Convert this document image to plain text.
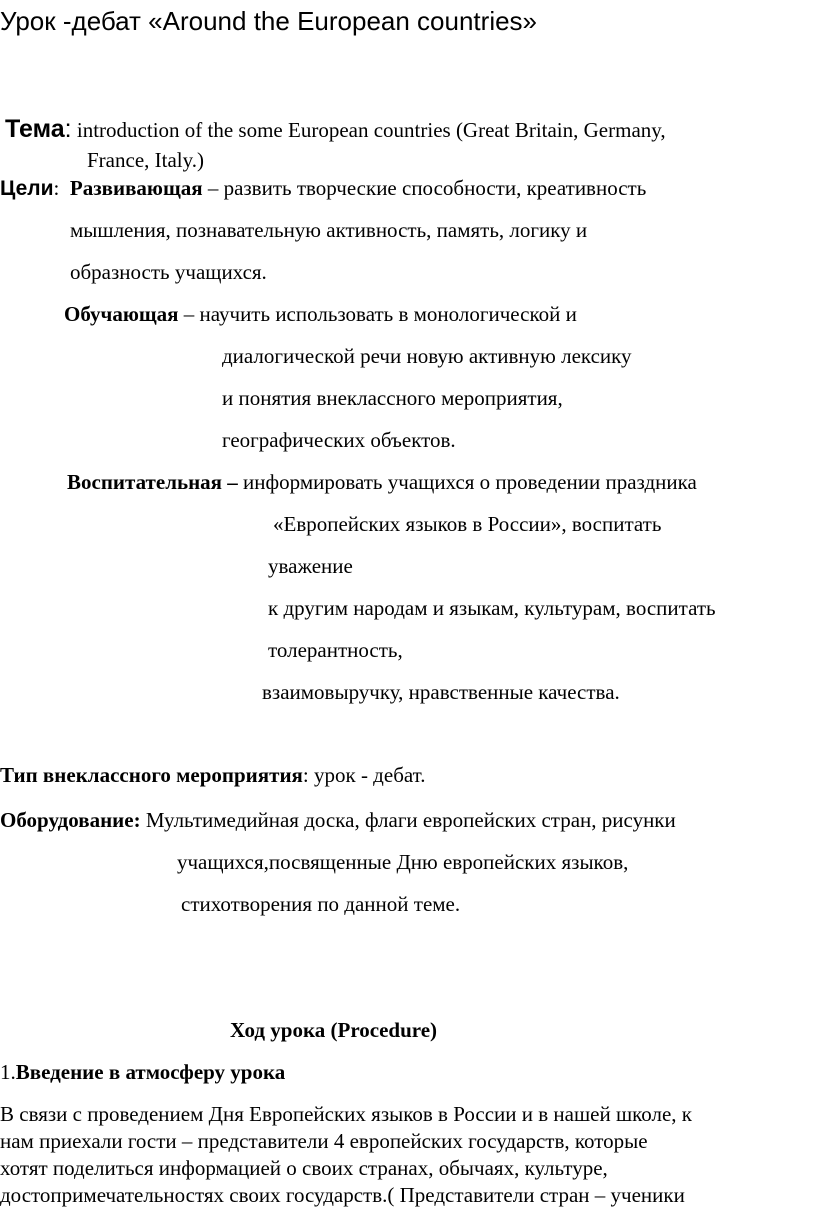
Урок -дебат «Around the European countries»
Тема: introduction of the some European countries (Great Britain, Germany,
France, Italy.)
Цели: Развивающая – развить творческие способности, креативность
мышления, познавательную активность, память, логику и
образность учащихся.
Обучающая – научить использовать в монологической и
диалогической речи новую активную лексику
и понятия внеклассного мероприятия,
географических объектов.
Воспитательная – информировать учащихся о проведении праздника
«Европейских языков в России», воспитать
уважение
к другим народам и языкам, культурам, воспитать
толерантность,
взаимовыручку, нравственные качества.
Тип внеклассного мероприятия: урок - дебат.
Оборудование: Мультимедийная доска, флаги европейских стран, рисунки
учащихся,посвященные Дню европейских языков,
стихотворения по данной теме.
Ход урока (Procedure)
1.Введение в атмосферу урока
В связи с проведением Дня Европейских языков в России и в нашей школе, к
нам приехали гости – представители 4 европейских государств, которые
хотят поделиться информацией о своих странах, обычаях, культуре,
достопримечательностях своих государств.( Представители стран – ученики
